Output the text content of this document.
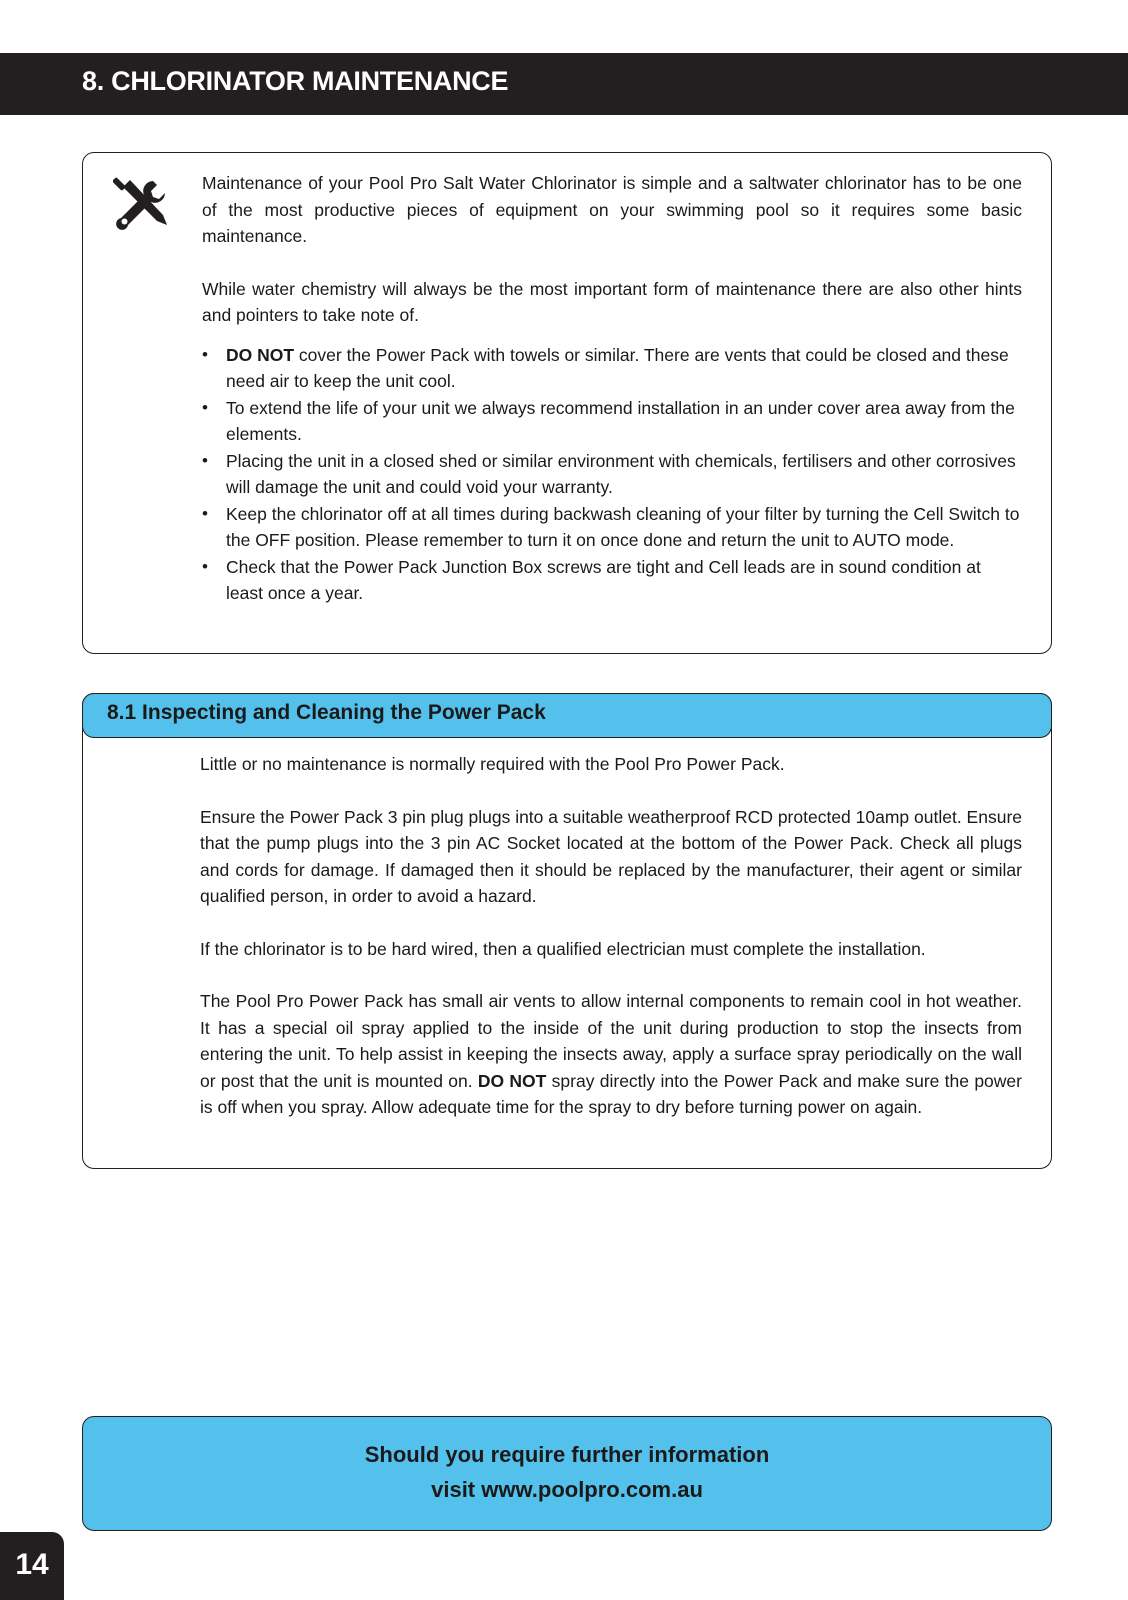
8. CHLORINATOR MAINTENANCE

Maintenance of your Pool Pro Salt Water Chlorinator is simple and a saltwater chlorinator has to be one of the most productive pieces of equipment on your swimming pool so it requires some basic maintenance.

While water chemistry will always be the most important form of maintenance there are also other hints and pointers to take note of.

• DO NOT cover the Power Pack with towels or similar. There are vents that could be closed and these need air to keep the unit cool.
• To extend the life of your unit we always recommend installation in an under cover area away from the elements.
• Placing the unit in a closed shed or similar environment with chemicals, fertilisers and other corrosives will damage the unit and could void your warranty.
• Keep the chlorinator off at all times during backwash cleaning of your filter by turning the Cell Switch to the OFF position. Please remember to turn it on once done and return the unit to AUTO mode.
• Check that the Power Pack Junction Box screws are tight and Cell leads are in sound condition at least once a year.

Little or no maintenance is normally required with the Pool Pro Power Pack.

Ensure the Power Pack 3 pin plug plugs into a suitable weatherproof RCD protected 10amp outlet. Ensure that the pump plugs into the 3 pin AC Socket located at the bottom of the Power Pack. Check all plugs and cords for damage. If damaged then it should be replaced by the manufacturer, their agent or similar qualified person, in order to avoid a hazard.

If the chlorinator is to be hard wired, then a qualified electrician must complete the installation.

The Pool Pro Power Pack has small air vents to allow internal components to remain cool in hot weather. It has a special oil spray applied to the inside of the unit during production to stop the insects from entering the unit. To help assist in keeping the insects away, apply a surface spray periodically on the wall or post that the unit is mounted on. DO NOT spray directly into the Power Pack and make sure the power is off when you spray. Allow adequate time for the spray to dry before turning power on again.

8.1 Inspecting and Cleaning the Power Pack
Should you require further information
visit www.poolpro.com.au
14
